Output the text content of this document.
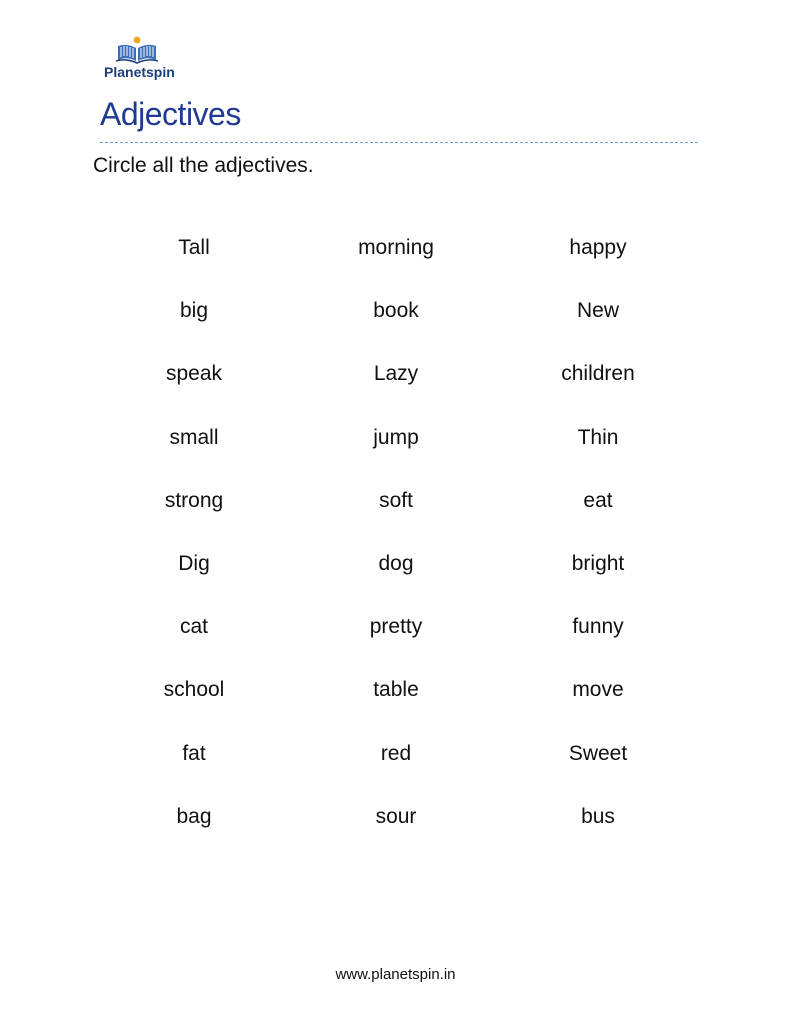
Planetspin
Adjectives
Circle all the adjectives.
Tall	morning	happy
big	book	New
speak	Lazy	children
small	jump	Thin
strong	soft	eat
Dig	dog	bright
cat	pretty	funny
school	table	move
fat	red	Sweet
bag	sour	bus
www.planetspin.in
